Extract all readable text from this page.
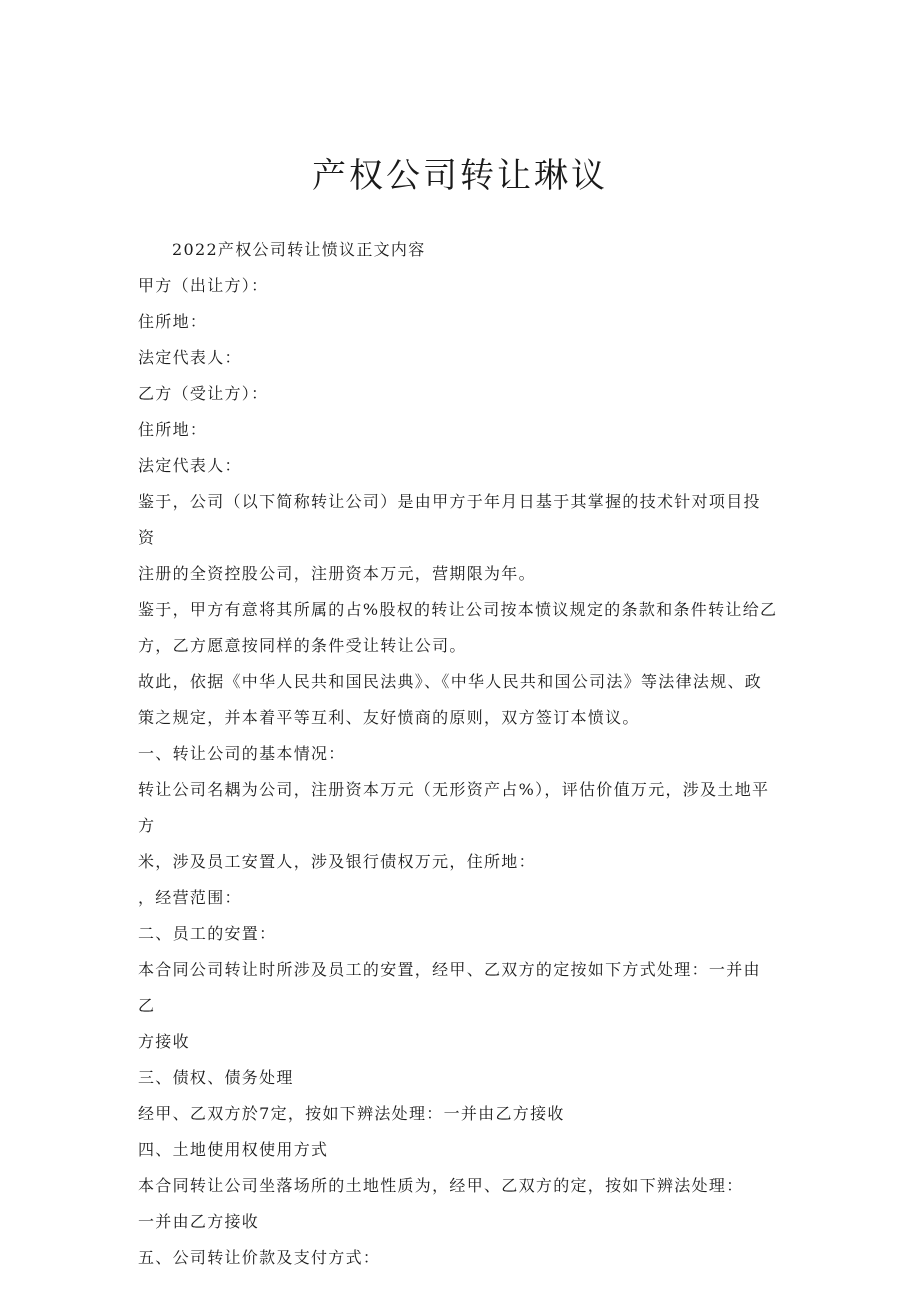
产权公司转让琳议

2022产权公司转让愤议正文内容

甲方（出让方）：

住所地：

法定代表人：

乙方（受让方）：

住所地：

法定代表人：

鉴于，公司（以下简称转让公司）是由甲方于年月日基于其掌握的技术针对项目投资

注册的全资控股公司，注册资本万元，营期限为年。

鉴于，甲方有意将其所属的占%股权的转让公司按本愤议规定的条款和条件转让给乙

方，乙方愿意按同样的条件受让转让公司。

故此，依据《中华人民共和国民法典》、《中华人民共和国公司法》等法律法规、政

策之规定，并本着平等互利、友好愤商的原则，双方签订本愤议。

一、转让公司的基本情况：

转让公司名耦为公司，注册资本万元（无形资产占%），评估价值万元，涉及土地平方

米，涉及员工安置人，涉及银行债权万元，住所地：

，经营范围：

二、员工的安置：

本合同公司转让时所涉及员工的安置，经甲、乙双方的定按如下方式处理：一并由乙

方接收

三、债权、债务处理

经甲、乙双方於7定，按如下辨法处理：一并由乙方接收

四、土地使用权使用方式

本合同转让公司坐落场所的土地性质为，经甲、乙双方的定，按如下辨法处理：

一并由乙方接收

五、公司转让价款及支付方式：
